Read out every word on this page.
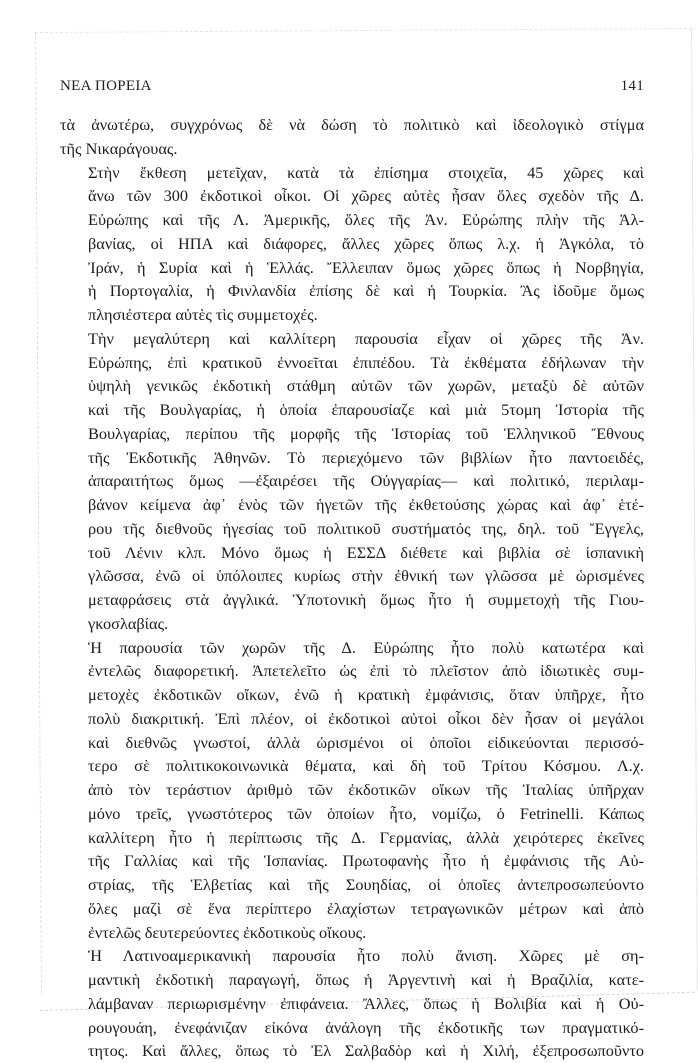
ΝΕΑ ΠΟΡΕΙΑ	141

τὰ ἀνωτέρω, συγχρόνως δὲ νὰ δώση τὸ πολιτικὸ καὶ ἰδεολογικὸ στίγμα
τῆς Νικαράγουας.

Στὴν ἔκθεση μετεῖχαν, κατὰ τὰ ἐπίσημα στοιχεῖα, 45 χῶρες καὶ
ἄνω τῶν 300 ἐκδοτικοὶ οἶκοι. Οἱ χῶρες αὐτὲς ἦσαν ὅλες σχεδὸν τῆς Δ.
Εὐρώπης καὶ τῆς Λ. Ἀμερικῆς, ὅλες τῆς Ἀν. Εὐρώπης πλὴν τῆς Ἀλ-
βανίας, οἱ ΗΠΑ καὶ διάφορες, ἄλλες χῶρες ὅπως λ.χ. ἡ Ἀγκόλα, τὸ
Ἰράν, ἡ Συρία καὶ ἡ Ἑλλάς. Ἔλλειπαν ὅμως χῶρες ὅπως ἡ Νορβηγία,
ἡ Πορτογαλία, ἡ Φινλανδία ἐπίσης δὲ καὶ ἡ Τουρκία. Ἂς ἰδοῦμε ὅμως
πλησιέστερα αὐτὲς τὶς συμμετοχές.

Τὴν μεγαλύτερη καὶ καλλίτερη παρουσία εἶχαν οἱ χῶρες τῆς Ἀν.
Εὐρώπης, ἐπὶ κρατικοῦ ἐννοεῖται ἐπιπέδου. Τὰ ἐκθέματα ἐδήλωναν τὴν
ὑψηλὴ γενικῶς ἐκδοτικὴ στάθμη αὐτῶν τῶν χωρῶν, μεταξὺ δὲ αὐτῶν
καὶ τῆς Βουλγαρίας, ἡ ὁποία ἐπαρουσίαζε καὶ μιὰ 5τομη Ἱστορία τῆς
Βουλγαρίας, περίπου τῆς μορφῆς τῆς Ἱστορίας τοῦ Ἑλληνικοῦ Ἔθνους
τῆς Ἐκδοτικῆς Ἀθηνῶν. Τὸ περιεχόμενο τῶν βιβλίων ἦτο παντοειδές,
ἀπαραιτήτως ὅμως —ἐξαιρέσει τῆς Οὐγγαρίας— καὶ πολιτικό, περιλαμ-
βάνον κείμενα ἀφ᾽ ἑνὸς τῶν ἡγετῶν τῆς ἐκθετούσης χώρας καὶ ἀφ᾽ ἑτέ-
ρου τῆς διεθνοῦς ἡγεσίας τοῦ πολιτικοῦ συστήματός της, δηλ. τοῦ Ἔγγελς,
τοῦ Λένιν κλπ. Μόνο ὅμως ἡ ΕΣΣΔ διέθετε καὶ βιβλία σὲ ἱσπανικὴ
γλῶσσα, ἐνῶ οἱ ὑπόλοιπες κυρίως στὴν ἐθνική των γλῶσσα μὲ ὡρισμένες
μεταφράσεις στὰ ἀγγλικά. Ὑποτονικὴ ὅμως ἦτο ἡ συμμετοχὴ τῆς Γιου-
γκοσλαβίας.

Ἡ παρουσία τῶν χωρῶν τῆς Δ. Εὐρώπης ἦτο πολὺ κατωτέρα καὶ
ἐντελῶς διαφορετική. Ἀπετελεῖτο ὡς ἐπὶ τὸ πλεῖστον ἀπὸ ἰδιωτικὲς συμ-
μετοχὲς ἐκδοτικῶν οἴκων, ἐνῶ ἡ κρατικὴ ἐμφάνισις, ὅταν ὑπῆρχε, ἦτο
πολὺ διακριτική. Ἐπὶ πλέον, οἱ ἐκδοτικοὶ αὐτοὶ οἶκοι δὲν ἦσαν οἱ μεγάλοι
καὶ διεθνῶς γνωστοί, ἀλλὰ ὡρισμένοι οἱ ὁποῖοι εἰδικεύονται περισσό-
τερο σὲ πολιτικοκοινωνικὰ θέματα, καὶ δὴ τοῦ Τρίτου Κόσμου. Λ.χ.
ἀπὸ τὸν τεράστιον ἀριθμὸ τῶν ἐκδοτικῶν οἴκων τῆς Ἰταλίας ὑπῆρχαν
μόνο τρεῖς, γνωστότερος τῶν ὁποίων ἦτο, νομίζω, ὁ Fetrinelli. Κάπως
καλλίτερη ἦτο ἡ περίπτωσις τῆς Δ. Γερμανίας, ἀλλὰ χειρότερες ἐκεῖνες
τῆς Γαλλίας καὶ τῆς Ἱσπανίας. Πρωτοφανὴς ἦτο ἡ ἐμφάνισις τῆς Αὐ-
στρίας, τῆς Ἑλβετίας καὶ τῆς Σουηδίας, οἱ ὁποῖες ἀντεπροσωπεύοντο
ὅλες μαζὶ σὲ ἕνα περίπτερο ἐλαχίστων τετραγωνικῶν μέτρων καὶ ἀπὸ
ἐντελῶς δευτερεύοντες ἐκδοτικοὺς οἴκους.

Ἡ Λατινοαμερικανικὴ παρουσία ἦτο πολὺ ἄνιση. Χῶρες μὲ ση-
μαντικὴ ἐκδοτικὴ παραγωγή, ὅπως ἡ Ἀργεντινὴ καὶ ἡ Βραζιλία, κατε-
λάμβαναν περιωρισμένην ἐπιφάνεια. Ἄλλες, ὅπως ἡ Βολιβία καὶ ἡ Οὐ-
ρουγουάη, ἐνεφάνιζαν εἰκόνα ἀνάλογη τῆς ἐκδοτικῆς των πραγματικό-
τητος. Καὶ ἄλλες, ὅπως τὸ Ἐλ Σαλβαδὸρ καὶ ἡ Χιλή, ἐξεπροσωποῦντο
